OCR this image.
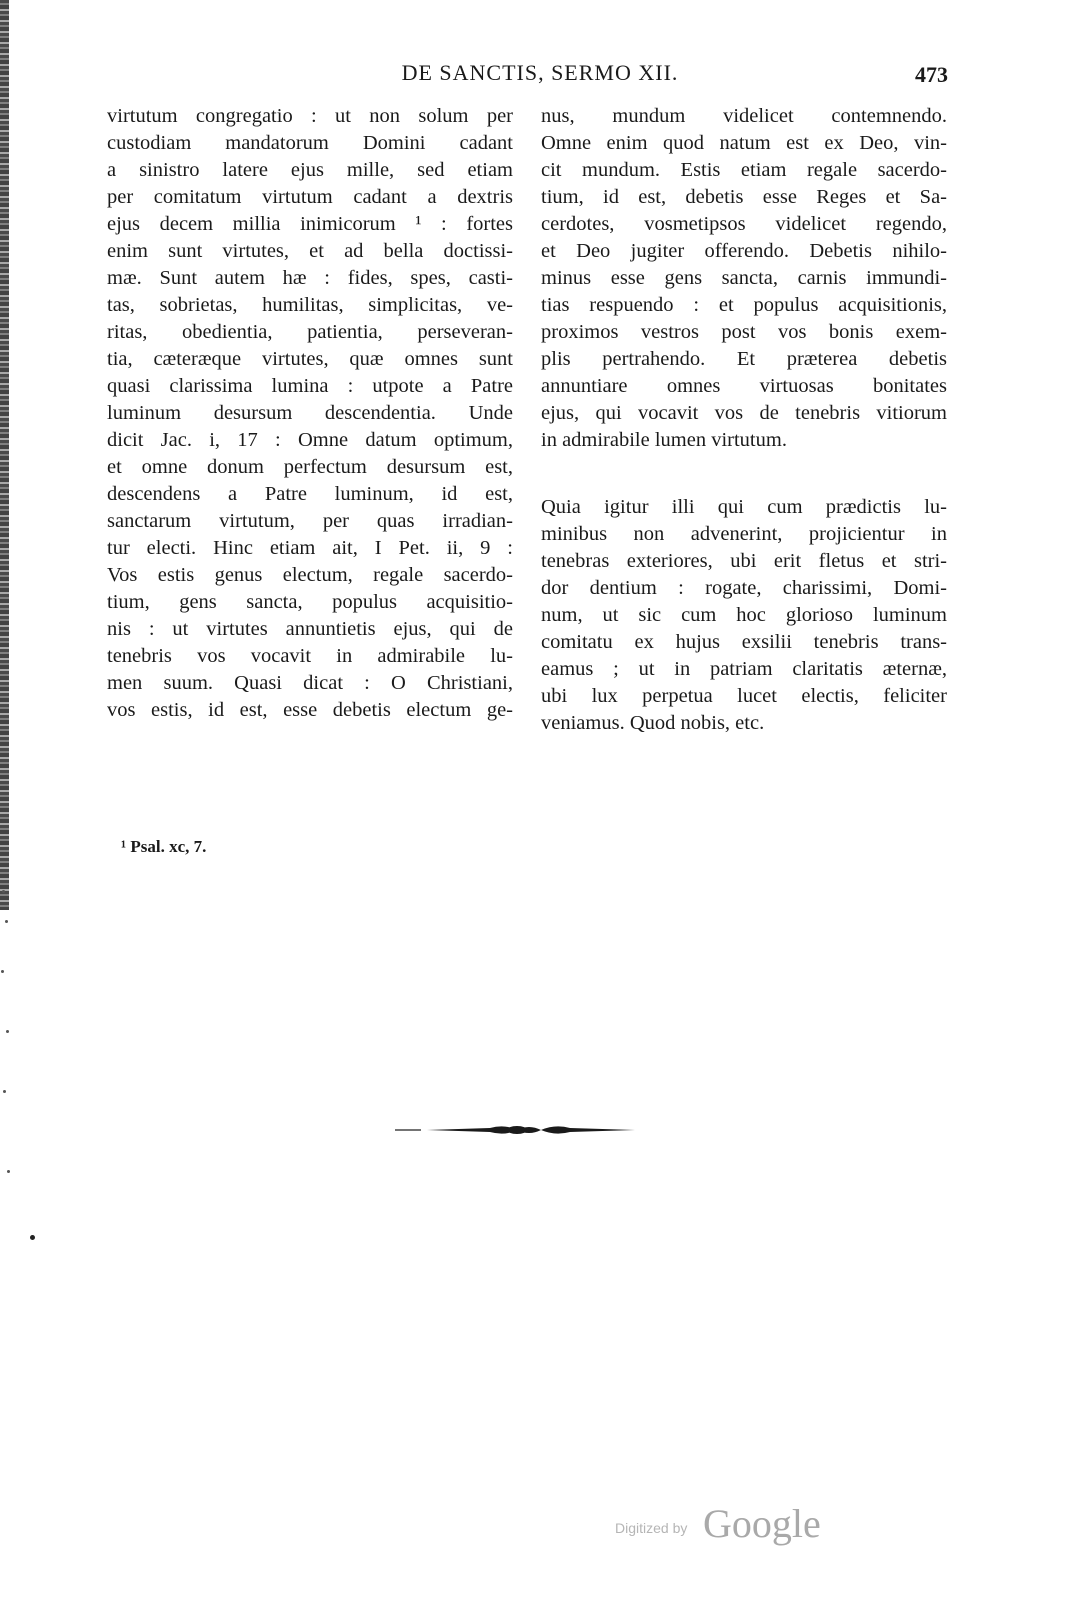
DE SANCTIS, SERMO XII.	473
virtutum congregatio : ut non solum per
custodiam mandatorum Domini cadant
a sinistro latere ejus mille, sed etiam
per comitatum virtutum cadant a dextris
ejus decem millia inimicorum ¹ : fortes
enim sunt virtutes, et ad bella doctissi-
mæ. Sunt autem hæ : fides, spes, casti-
tas, sobrietas, humilitas, simplicitas, ve-
ritas, obedientia, patientia, perseveran-
tia, cæteræque virtutes, quæ omnes sunt
quasi clarissima lumina : utpote a Patre
luminum desursum descendentia. Unde
dicit Jac. i, 17 : Omne datum optimum,
et omne donum perfectum desursum est,
descendens a Patre luminum, id est,
sanctarum virtutum, per quas irradian-
tur electi. Hinc etiam ait, I Pet. ii, 9 :
Vos estis genus electum, regale sacerdo-
tium, gens sancta, populus acquisitio-
nis : ut virtutes annuntietis ejus, qui de
tenebris vos vocavit in admirabile lu-
men suum. Quasi dicat : O Christiani,
vos estis, id est, esse debetis electum ge-
nus, mundum videlicet contemnendo.
Omne enim quod natum est ex Deo, vin-
cit mundum. Estis etiam regale sacerdo-
tium, id est, debetis esse Reges et Sa-
cerdotes, vosmetipsos videlicet regendo,
et Deo jugiter offerendo. Debetis nihilo-
minus esse gens sancta, carnis immundi-
tias respuendo : et populus acquisitionis,
proximos vestros post vos bonis exem-
plis pertrahendo. Et præterea debetis
annuntiare omnes virtuosas bonitates
ejus, qui vocavit vos de tenebris vitiorum
in admirabile lumen virtutum.
Quia igitur illi qui cum prædictis lu-
minibus non advenerint, projicientur in
tenebras exteriores, ubi erit fletus et stri-
dor dentium : rogate, charissimi, Domi-
num, ut sic cum hoc glorioso luminum
comitatu ex hujus exsilii tenebris trans-
eamus ; ut in patriam claritatis æternæ,
ubi lux perpetua lucet electis, feliciter
veniamus. Quod nobis, etc.
¹ Psal. xc, 7.
Digitized by Google
